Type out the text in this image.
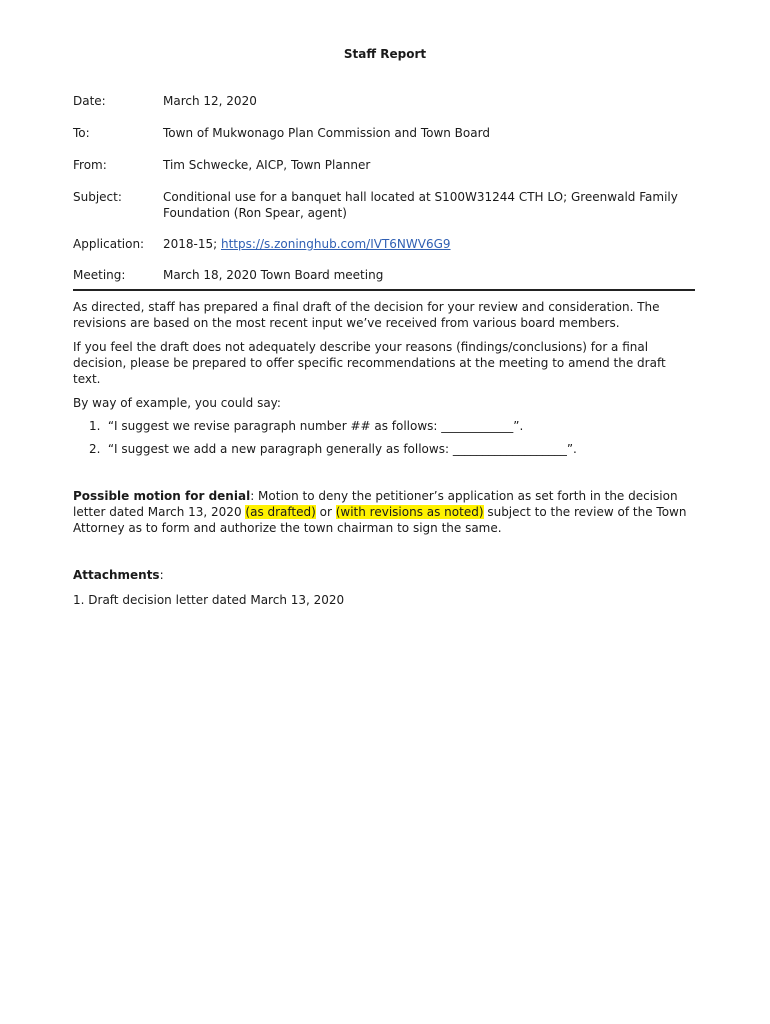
Staff Report
Date:	March 12, 2020
To:	Town of Mukwonago Plan Commission and Town Board
From:	Tim Schwecke, AICP, Town Planner
Subject:	Conditional use for a banquet hall located at S100W31244 CTH LO; Greenwald Family Foundation (Ron Spear, agent)
Application:	2018-15; https://s.zoninghub.com/IVT6NWV6G9
Meeting:	March 18, 2020 Town Board meeting

As directed, staff has prepared a final draft of the decision for your review and consideration. The revisions are based on the most recent input we’ve received from various board members.

If you feel the draft does not adequately describe your reasons (findings/conclusions) for a final decision, please be prepared to offer specific recommendations at the meeting to amend the draft text.

By way of example, you could say:

1. “I suggest we revise paragraph number ## as follows: ____________”.
2. “I suggest we add a new paragraph generally as follows: ___________________”.

Possible motion for denial: Motion to deny the petitioner’s application as set forth in the decision letter dated March 13, 2020 (as drafted) or (with revisions as noted) subject to the review of the Town Attorney as to form and authorize the town chairman to sign the same.

Attachments:

1. Draft decision letter dated March 13, 2020
